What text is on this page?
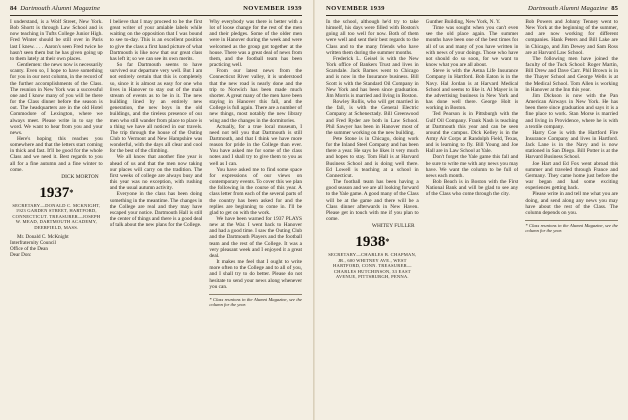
84 Dartmouth Alumni Magazine	NOVEMBER 1939

I understand, is a Wolf Street, New York. Bob Shortt is through Law School and is now teaching in Tufts College Junior High. Fred Winter should be still over in Paris last I knew. . . . Aaron's seen Fred twice he hasn't seen them but he has given going up to them lately at their own places.

Gentlemen: the news now is necessarily scanty. Even so, I hope to have something for you in our next column, in the record of the further accomplishments of the Class. The reunion in New York was a successful one and I know many of you will be there for the Class dinner before the season is out. The headquarters are in the old Hotel Commodore of Lexington, where we always meet. Please write in to say the word. We want to hear from you and your news.

Here's hoping this reaches you somewhere and that the letters start coming in thick and fast. It'll be good for the whole Class and we need it. Best regards to you all for a fine autumn and a fine winter to come.

DICK MORTON
1937*
SECRETARY—DONALD C. MCKNIGHT, 1923 GARDEN STREET, HARTFORD, CONNECTICUT. TREASURER—JOSEPH W. MEAD, DARTMOUTH ACADEMY, DEERFIELD, MASS.

Mr. Donald C. McKnight
Interfraternity Council
Office of the Dean
Dear Don:

I believe that I may proceed to be the first great writer of your amiable labels while waiting on the opposition that I was bound to see to-day. This is an excellent position to give the class a first hand picture of what Dartmouth is like now that our great class has left it; so we can see its own merits.

So far Dartmouth seems to have survived our departure very well. But I am not entirely certain that this is completely so, since it is almost as easy for one who lives in Hanover to stay out of the main stream of events as to be in it. The new building lined by an entirely new generation, the new boys in the old buildings, and the tireless presence of our men who still wander from place to place is a thing we have all noticed in our travels. The trip through the house of the Outing Club to Vermont and New Hampshire was wonderful, with the days all clear and cool for the best of the climbing.

We all know that another fine year is ahead of us and that the men now taking our places will carry on the tradition. The first weeks of college are always busy and this year was no exception, with rushing and the usual autumn activity.

Everyone in the class has been doing something in the meantime. The changes in the College are real and they may have escaped your notice. Dartmouth Hall is still the center of things and there is a good deal of talk about the new plans for the College.

Why everybody was there is better with a lot of loose change for the rest of the men and their pledges. Some of the older men were in Hanover during the week and were welcomed as the group got together at the house. There was a great deal of news from them, and the football team has been practicing well.

From our latest news from the Connecticut River valley, it is understood that the new road is nearly done and the trip to Norwich has been made much shorter. A great many of the men have been staying in Hanover this fall, and the College is full again. There are a number of new things, most notably the new library wing and the changes in the dormitories.

Actually, for a true local museum, I need not tell you that Dartmouth is still Dartmouth, and that I think we have more reason for pride in the College than ever. You have asked me for some of the class notes and I shall try to give them to you as well as I can.

You have asked me to find some space for expressions of our views on contemporary events. To cover this we plan the following in the course of this year. A class letter from each of the several parts of the country has been asked for and the replies are beginning to come in. I'll be glad to get on with the work.

We have been warned for 1937 PLAYS new at the War. I went back to Hanover and had a good time. I saw the Outing Club and the Dartmouth Players and the football team and the rest of the College. It was a very pleasant week and I enjoyed it a great deal.

It makes me feel that I ought to write more often to the College and to all of you, and I shall try to do better. Please do not hesitate to send your news along whenever you can.

* Class reunions in the Alumni Magazine, see the column for the year.
NOVEMBER 1939	Dartmouth Alumni Magazine 85

In the school, although he'd try to take himself, his days were filled with Boston's going all too well for now. Both of them were well and sent their best regards to the Class and to the many friends who have written them during the summer months.

Frederick L. Geisel is with the New York office of Bankers Trust and lives in Scarsdale. Jack Barnes went to Chicago and is now in the Insurance business. Bill Scott is with the Standard Oil Company in New York and has been since graduation. Jim Morris is married and living in Boston.

Rowley Rollis, who will get married in the fall, is with the General Electric Company at Schenectady. Bill Greenwood and Fred Ryder are both in Law School. Phil Sawyer has been in Hanover most of the summer working on the new building.

Pete Stone is in Chicago, doing work for the Inland Steel Company and has been there a year. He says he likes it very much and hopes to stay. Tom Hall is at Harvard Business School and is doing well there. Ed Lowell is teaching at a school in Connecticut.

The football team has been having a good season and we are all looking forward to the Yale game. A good many of the Class will be at the game and there will be a Class dinner afterwards in New Haven. Please get in touch with me if you plan to come.

WHITEY FULLER
1938*
SECRETARY—CHARLES B. CHAPMAN, JR., 600 WHITNEY AVE., WEST HARTFORD, CONN. TREASURER—CHARLES HUTCHINSON, 33 EAST AVENUE, PITTSBURGH, PENNA.

Gunther Building, New York, N. Y.

Time was sought when you can't even see the old place again. The summer months have been one of the best times for all of us and many of you have written in with news of your doings. Those who have not should do so soon, for we want to know what you are all about.

Steve is with the Aetna Life Insurance Company in Hartford. Bob Eaton is in the Navy. Hal Jordan is at Harvard Medical School and seems to like it. Al Mayer is in the advertising business in New York and has done well there. George Holt is working in Boston.

Ted Pearson is in Pittsburgh with the Gulf Oil Company. Frank Nash is teaching at Dartmouth this year and can be seen around the campus. Dick Kelley is in the Army Air Corps at Randolph Field, Texas, and is learning to fly. Bill Young and Joe Hall are in Law School at Yale.

Don't forget the Yale game this fall and be sure to write me with any news you may have. We want the column to be full of news each month.

Bob Beach is in Boston with the First National Bank and will be glad to see any of the Class who come through the city.

Bob Powers and Johnny Tenney went to New York at the beginning of the summer, and are now working for different companies. Hank Peters and Bill Lake are in Chicago, and Jim Dewey and Sam Ross are at Harvard Law School.

The following men have joined the faculty of the Tuck School: Roger Martin, Bill Drew and Dave Carr. Phil Brown is in the Thayer School and George Wells is at the Medical School. Tom Allen is working in Hanover at the Inn this year.

Jim Dickson is now with the Pan American Airways in New York. He has been there since graduation and says it is a fine place to work. Stan Morse is married and living in Providence, where he is with a textile company.

Harry Coe is with the Hartford Fire Insurance Company and lives in Hartford. Jack Lane is in the Navy and is now stationed in San Diego. Bill Potter is at the Harvard Business School.

Joe Hart and Ed Fox went abroad this summer and traveled through France and Germany. They came home just before the war began and had some exciting experiences getting back.

Please write in and tell me what you are doing, and send along any news you may have about the rest of the Class. The column depends on you.

* Class reunions in the Alumni Magazine, see the column for the year.
